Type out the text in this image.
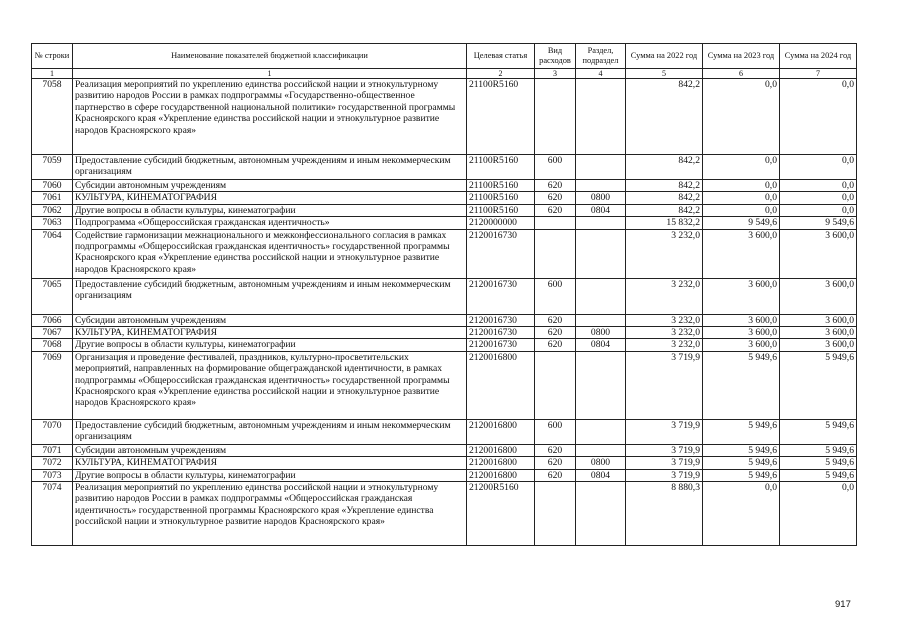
№ строки	Наименование показателей бюджетной классификации	Целевая статья	Вид расходов	Раздел, подраздел	Сумма на 2022 год	Сумма на 2023 год	Сумма на 2024 год
1	1	2	3	4	5	6	7
7058	Реализация мероприятий по укреплению единства российской нации и этнокультурному развитию народов России в рамках подпрограммы «Государственно-общественное партнерство в сфере государственной национальной политики» государственной программы Красноярского края «Укрепление единства российской нации и этнокультурное развитие народов Красноярского края»	21100R5160			842,2	0,0	0,0
7059	Предоставление субсидий бюджетным, автономным учреждениям и иным некоммерческим организациям	21100R5160	600		842,2	0,0	0,0
7060	Субсидии автономным учреждениям	21100R5160	620		842,2	0,0	0,0
7061	КУЛЬТУРА, КИНЕМАТОГРАФИЯ	21100R5160	620	0800	842,2	0,0	0,0
7062	Другие вопросы в области культуры, кинематографии	21100R5160	620	0804	842,2	0,0	0,0
7063	Подпрограмма «Общероссийская гражданская идентичность»	2120000000			15 832,2	9 549,6	9 549,6
7064	Содействие гармонизации межнационального и межконфессионального согласия в рамках подпрограммы «Общероссийская гражданская идентичность» государственной программы Красноярского края «Укрепление единства российской нации и этнокультурное развитие народов Красноярского края»	2120016730			3 232,0	3 600,0	3 600,0
7065	Предоставление субсидий бюджетным, автономным учреждениям и иным некоммерческим организациям	2120016730	600		3 232,0	3 600,0	3 600,0
7066	Субсидии автономным учреждениям	2120016730	620		3 232,0	3 600,0	3 600,0
7067	КУЛЬТУРА, КИНЕМАТОГРАФИЯ	2120016730	620	0800	3 232,0	3 600,0	3 600,0
7068	Другие вопросы в области культуры, кинематографии	2120016730	620	0804	3 232,0	3 600,0	3 600,0
7069	Организация и проведение фестивалей, праздников, культурно-просветительских мероприятий, направленных на формирование общегражданской идентичности, в рамках подпрограммы «Общероссийская гражданская идентичность» государственной программы Красноярского края «Укрепление единства российской нации и этнокультурное развитие народов Красноярского края»	2120016800			3 719,9	5 949,6	5 949,6
7070	Предоставление субсидий бюджетным, автономным учреждениям и иным некоммерческим организациям	2120016800	600		3 719,9	5 949,6	5 949,6
7071	Субсидии автономным учреждениям	2120016800	620		3 719,9	5 949,6	5 949,6
7072	КУЛЬТУРА, КИНЕМАТОГРАФИЯ	2120016800	620	0800	3 719,9	5 949,6	5 949,6
7073	Другие вопросы в области культуры, кинематографии	2120016800	620	0804	3 719,9	5 949,6	5 949,6
7074	Реализация мероприятий по укреплению единства российской нации и этнокультурному развитию народов России в рамках подпрограммы «Общероссийская гражданская идентичность» государственной программы Красноярского края «Укрепление единства российской нации и этнокультурное развитие народов Красноярского края»	21200R5160			8 880,3	0,0	0,0
917
